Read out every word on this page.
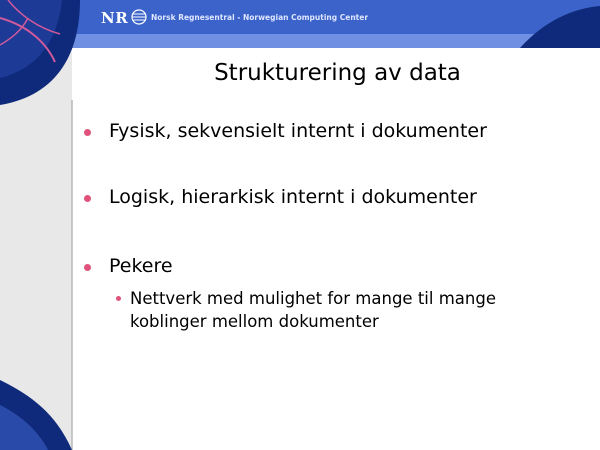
NR	Norsk Regnesentral - Norwegian Computing Center
Strukturering av data
Fysisk, sekvensielt internt i dokumenter
Logisk, hierarkisk internt i dokumenter
Pekere
Nettverk med mulighet for mange til mange koblinger mellom dokumenter
